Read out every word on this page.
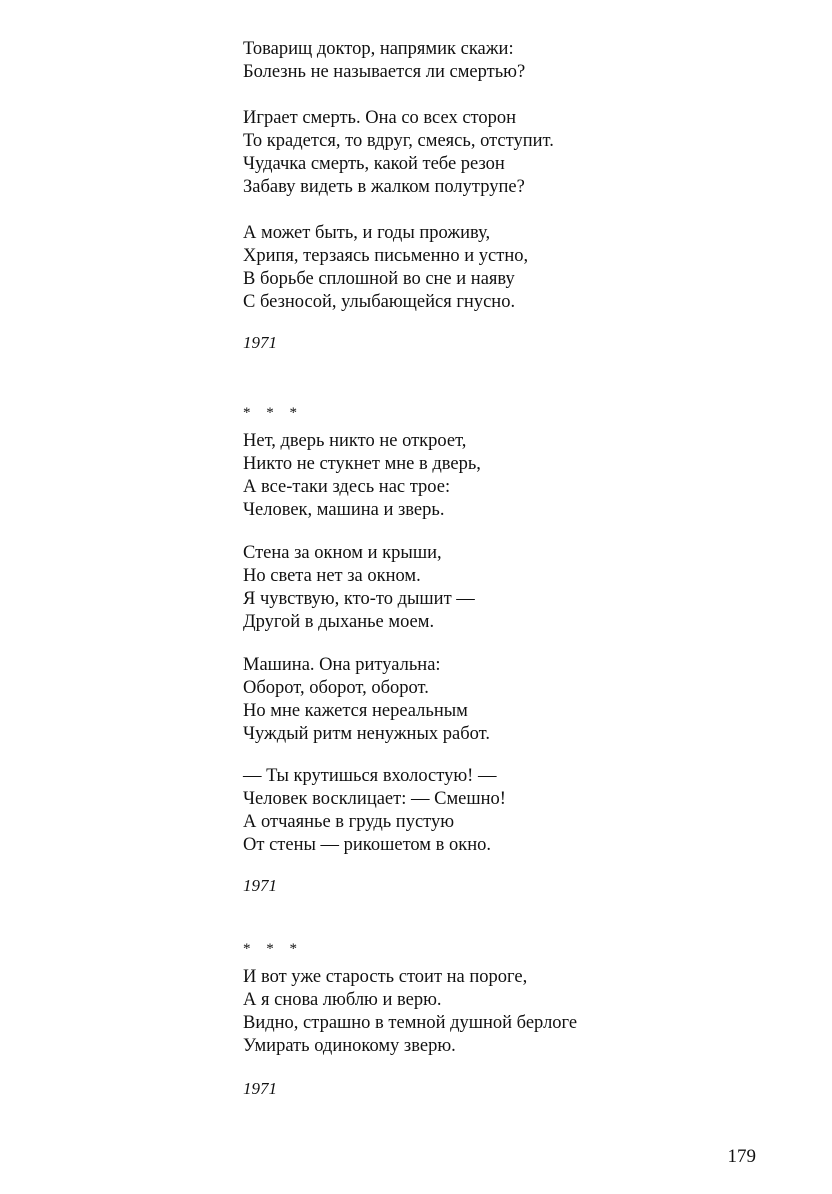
Товарищ доктор, напрямик скажи:
Болезнь не называется ли смертью?
Играет смерть. Она со всех сторон
То крадется, то вдруг, смеясь, отступит.
Чудачка смерть, какой тебе резон
Забаву видеть в жалком полутрупе?
А может быть, и годы проживу,
Хрипя, терзаясь письменно и устно,
В борьбе сплошной во сне и наяву
С безносой, улыбающейся гнусно.
1971
* * *
Нет, дверь никто не откроет,
Никто не стукнет мне в дверь,
А все-таки здесь нас трое:
Человек, машина и зверь.
Стена за окном и крыши,
Но света нет за окном.
Я чувствую, кто-то дышит —
Другой в дыханье моем.
Машина. Она ритуальна:
Оборот, оборот, оборот.
Но мне кажется нереальным
Чуждый ритм ненужных работ.
— Ты крутишься вхолостую! —
Человек восклицает: — Смешно!
А отчаянье в грудь пустую
От стены — рикошетом в окно.
1971
* * *
И вот уже старость стоит на пороге,
А я снова люблю и верю.
Видно, страшно в темной душной берлоге
Умирать одинокому зверю.
1971
179
